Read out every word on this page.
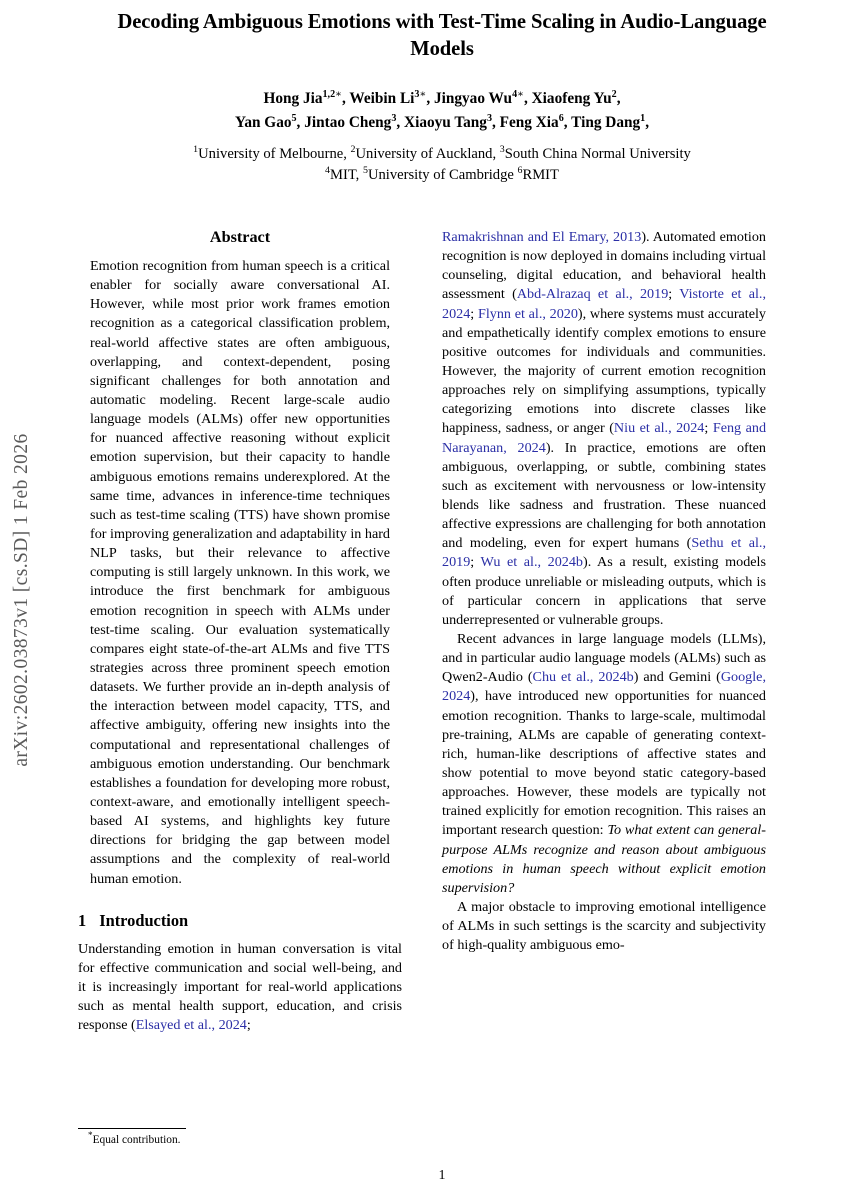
arXiv:2602.03873v1 [cs.SD] 1 Feb 2026
Decoding Ambiguous Emotions with Test-Time Scaling in Audio-Language Models
Hong Jia$^{1,2∗}$, Weibin $Li^{3∗}$, Jingyao $Wu^{4∗}$, Xiaofeng Yu$^2$,
Yan Gao$^5$, Jintao Cheng$^3$, Xiaoyu Tang$^3$, Feng Xia$^6$, Ting Dang$^1$,
$^1$University of Melbourne, $^2$University of Auckland, $^3$South China Normal University
$^4$MIT, $^5$University of Cambridge $^6$RMIT
Abstract

Emotion recognition from human speech is a critical enabler for socially aware conversational AI. However, while most prior work frames emotion recognition as a categorical classification problem, real-world affective states are often ambiguous, overlapping, and context-dependent, posing significant challenges for both annotation and automatic modeling. Recent large-scale audio language models (ALMs) offer new opportunities for nuanced affective reasoning without explicit emotion supervision, but their capacity to handle ambiguous emotions remains underexplored. At the same time, advances in inference-time techniques such as test-time scaling (TTS) have shown promise for improving generalization and adaptability in hard NLP tasks, but their relevance to affective computing is still largely unknown. In this work, we introduce the first benchmark for ambiguous emotion recognition in speech with ALMs under test-time scaling. Our evaluation systematically compares eight state-of-the-art ALMs and five TTS strategies across three prominent speech emotion datasets. We further provide an in-depth analysis of the interaction between model capacity, TTS, and affective ambiguity, offering new insights into the computational and representational challenges of ambiguous emotion understanding. Our benchmark establishes a foundation for developing more robust, context-aware, and emotionally intelligent speech-based AI systems, and highlights key future directions for bridging the gap between model assumptions and the complexity of real-world human emotion.

1 Introduction

Understanding emotion in human conversation is vital for effective communication and social well-being, and it is increasingly important for real-world applications such as mental health support, education, and crisis response (Elsayed et al., 2024;

Ramakrishnan and El Emary, 2013). Automated emotion recognition is now deployed in domains including virtual counseling, digital education, and behavioral health assessment (Abd-Alrazaq et al., 2019; Vistorte et al., 2024; Flynn et al., 2020), where systems must accurately and empathetically identify complex emotions to ensure positive outcomes for individuals and communities. However, the majority of current emotion recognition approaches rely on simplifying assumptions, typically categorizing emotions into discrete classes like happiness, sadness, or anger (Niu et al., 2024; Feng and Narayanan, 2024). In practice, emotions are often ambiguous, overlapping, or subtle, combining states such as excitement with nervousness or low-intensity blends like sadness and frustration. These nuanced affective expressions are challenging for both annotation and modeling, even for expert humans (Sethu et al., 2019; Wu et al., 2024b). As a result, existing models often produce unreliable or misleading outputs, which is of particular concern in applications that serve underrepresented or vulnerable groups.

Recent advances in large language models (LLMs), and in particular audio language models (ALMs) such as Qwen2-Audio (Chu et al., 2024b) and Gemini (Google, 2024), have introduced new opportunities for nuanced emotion recognition. Thanks to large-scale, multimodal pre-training, ALMs are capable of generating context-rich, human-like descriptions of affective states and show potential to move beyond static category-based approaches. However, these models are typically not trained explicitly for emotion recognition. This raises an important research question: To what extent can general-purpose ALMs recognize and reason about ambiguous emotions in human speech without explicit emotion supervision?

A major obstacle to improving emotional intelligence of ALMs in such settings is the scarcity and subjectivity of high-quality ambiguous emo-

*Equal contribution.
1
